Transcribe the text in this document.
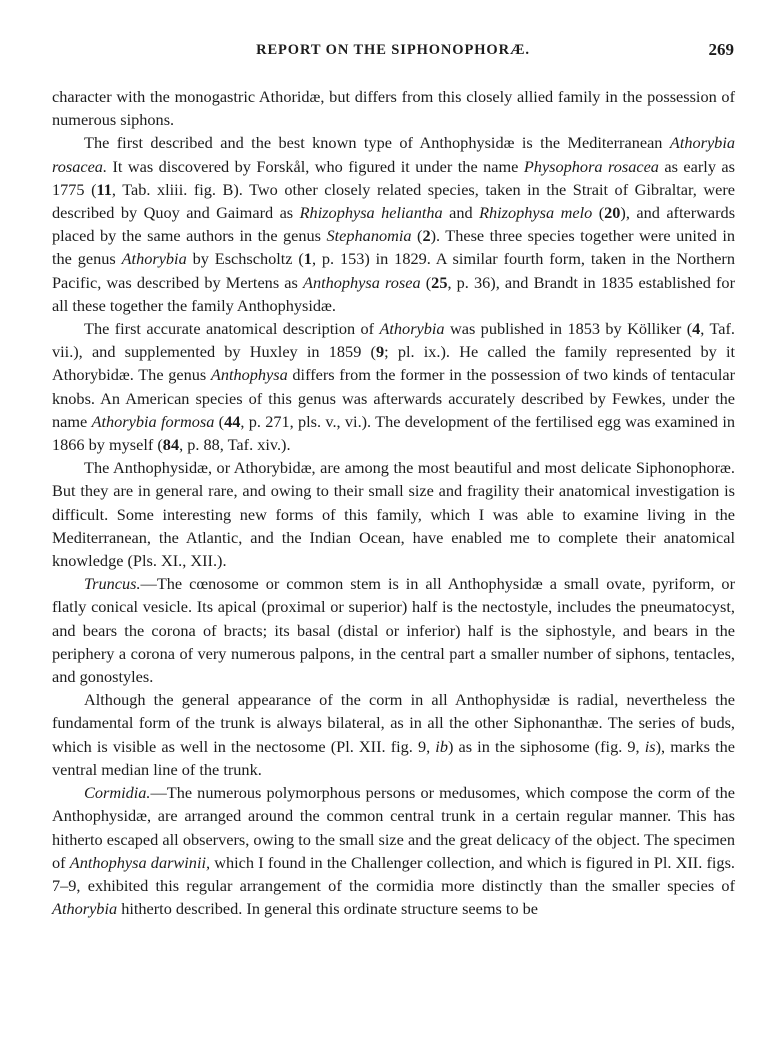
REPORT ON THE SIPHONOPHORÆ.	269

character with the monogastric Athoridæ, but differs from this closely allied family in the possession of numerous siphons.

The first described and the best known type of Anthophysidæ is the Mediterranean Athorybia rosacea. It was discovered by Forskål, who figured it under the name Physophora rosacea as early as 1775 (11, Tab. xliii. fig. B). Two other closely related species, taken in the Strait of Gibraltar, were described by Quoy and Gaimard as Rhizophysa heliantha and Rhizophysa melo (20), and afterwards placed by the same authors in the genus Stephanomia (2). These three species together were united in the genus Athorybia by Eschscholtz (1, p. 153) in 1829. A similar fourth form, taken in the Northern Pacific, was described by Mertens as Anthophysa rosea (25, p. 36), and Brandt in 1835 established for all these together the family Anthophysidæ.

The first accurate anatomical description of Athorybia was published in 1853 by Kölliker (4, Taf. vii.), and supplemented by Huxley in 1859 (9; pl. ix.). He called the family represented by it Athorybidæ. The genus Anthophysa differs from the former in the possession of two kinds of tentacular knobs. An American species of this genus was afterwards accurately described by Fewkes, under the name Athorybia formosa (44, p. 271, pls. v., vi.). The development of the fertilised egg was examined in 1866 by myself (84, p. 88, Taf. xiv.).

The Anthophysidæ, or Athorybidæ, are among the most beautiful and most delicate Siphonophoræ. But they are in general rare, and owing to their small size and fragility their anatomical investigation is difficult. Some interesting new forms of this family, which I was able to examine living in the Mediterranean, the Atlantic, and the Indian Ocean, have enabled me to complete their anatomical knowledge (Pls. XI., XII.).

Truncus.—The cœnosome or common stem is in all Anthophysidæ a small ovate, pyriform, or flatly conical vesicle. Its apical (proximal or superior) half is the nectostyle, includes the pneumatocyst, and bears the corona of bracts; its basal (distal or inferior) half is the siphostyle, and bears in the periphery a corona of very numerous palpons, in the central part a smaller number of siphons, tentacles, and gonostyles.

Although the general appearance of the corm in all Anthophysidæ is radial, nevertheless the fundamental form of the trunk is always bilateral, as in all the other Siphonanthæ. The series of buds, which is visible as well in the nectosome (Pl. XII. fig. 9, ib) as in the siphosome (fig. 9, is), marks the ventral median line of the trunk.

Cormidia.—The numerous polymorphous persons or medusomes, which compose the corm of the Anthophysidæ, are arranged around the common central trunk in a certain regular manner. This has hitherto escaped all observers, owing to the small size and the great delicacy of the object. The specimen of Anthophysa darwinii, which I found in the Challenger collection, and which is figured in Pl. XII. figs. 7–9, exhibited this regular arrangement of the cormidia more distinctly than the smaller species of Athorybia hitherto described. In general this ordinate structure seems to be
